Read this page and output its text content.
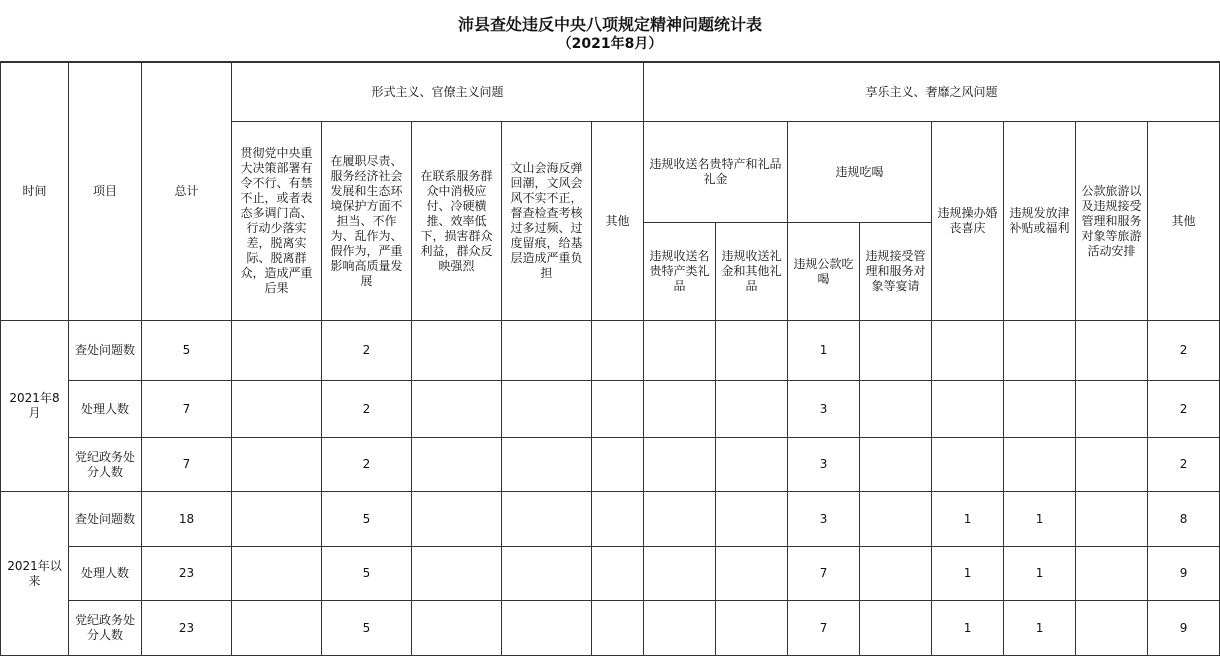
沛县查处违反中央八项规定精神问题统计表
（2021年8月）
时间	项目	总计	形式主义、官僚主义问题					享乐主义、奢靡之风问题							
			贯彻党中央重大决策部署有令不行、有禁不止，或者表态多调门高、行动少落实差，脱离实际、脱离群众，造成严重后果	在履职尽责、服务经济社会发展和生态环境保护方面不担当、不作为、乱作为、假作为，严重影响高质量发展	在联系服务群众中消极应付、冷硬横推、效率低下，损害群众利益，群众反映强烈	文山会海反弹回潮，文风会风不实不正，督查检查考核过多过频、过度留痕，给基层造成严重负担	其他	违规收送名贵特产和礼品礼金		违规吃喝		违规操办婚丧喜庆	违规发放津补贴或福利	公款旅游以及违规接受管理和服务对象等旅游活动安排	其他
								违规收送名贵特产类礼品	违规收送礼金和其他礼品	违规公款吃喝	违规接受管理和服务对象等宴请				
2021年8月	查处问题数	5		2						1					2
	处理人数	7		2						3					2
	党纪政务处分人数	7		2						3					2
2021年以来	查处问题数	18		5						3		1	1		8
	处理人数	23		5						7		1	1		9
	党纪政务处分人数	23		5						7		1	1		9
